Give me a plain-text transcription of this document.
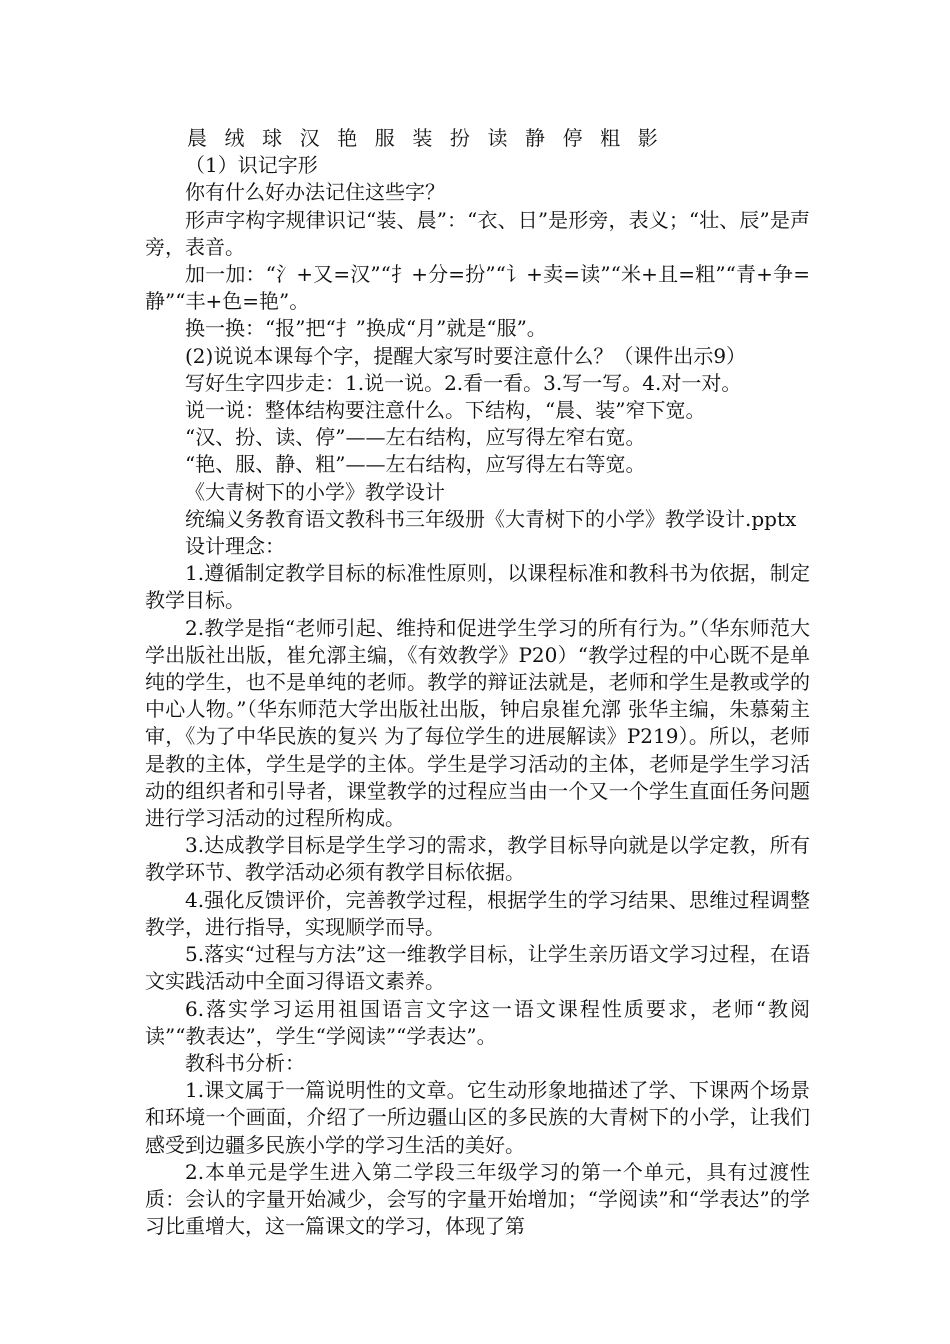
晨 绒 球 汉 艳 服 装 扮 读 静 停 粗 影

（1）识记字形

你有什么好办法记住这些字？

形声字构字规律识记“装、晨”：“衣、日”是形旁，表义；“壮、辰”是声旁，表音。

加一加：“氵+又=汉”“扌+分=扮”“讠+卖=读”“米+且=粗”“青+争=静”“丰+色=艳”。

换一换：“报”把“扌”换成“月”就是“服”。

(2)说说本课每个字，提醒大家写时要注意什么？（课件出示9）

写好生字四步走：1.说一说。2.看一看。3.写一写。4.对一对。

说一说：整体结构要注意什么。下结构，“晨、装”窄下宽。

“汉、扮、读、停”——左右结构，应写得左窄右宽。

“艳、服、静、粗”——左右结构，应写得左右等宽。

《大青树下的小学》教学设计

统编义务教育语文教科书三年级册《大青树下的小学》教学设计.pptx

设计理念：

1.遵循制定教学目标的标准性原则，以课程标准和教科书为依据，制定教学目标。

2.教学是指“老师引起、维持和促进学生学习的所有行为。”（华东师范大学出版社出版，崔允漷主编，《有效教学》P20）“教学过程的中心既不是单纯的学生，也不是单纯的老师。教学的辩证法就是，老师和学生是教或学的中心人物。”（华东师范大学出版社出版，钟启泉崔允漷 张华主编，朱慕菊主审，《为了中华民族的复兴 为了每位学生的进展解读》P219）。所以，老师是教的主体，学生是学的主体。学生是学习活动的主体，老师是学生学习活动的组织者和引导者，课堂教学的过程应当由一个又一个学生直面任务问题进行学习活动的过程所构成。

3.达成教学目标是学生学习的需求，教学目标导向就是以学定教，所有教学环节、教学活动必须有教学目标依据。

4.强化反馈评价，完善教学过程，根据学生的学习结果、思维过程调整教学，进行指导，实现顺学而导。

5.落实“过程与方法”这一维教学目标，让学生亲历语文学习过程，在语文实践活动中全面习得语文素养。

6.落实学习运用祖国语言文字这一语文课程性质要求，老师“教阅读”“教表达”，学生“学阅读”“学表达”。

教科书分析：

1.课文属于一篇说明性的文章。它生动形象地描述了学、下课两个场景和环境一个画面，介绍了一所边疆山区的多民族的大青树下的小学，让我们感受到边疆多民族小学的学习生活的美好。

2.本单元是学生进入第二学段三年级学习的第一个单元，具有过渡性质：会认的字量开始减少，会写的字量开始增加；“学阅读”和“学表达”的学习比重增大，这一篇课文的学习，体现了第
